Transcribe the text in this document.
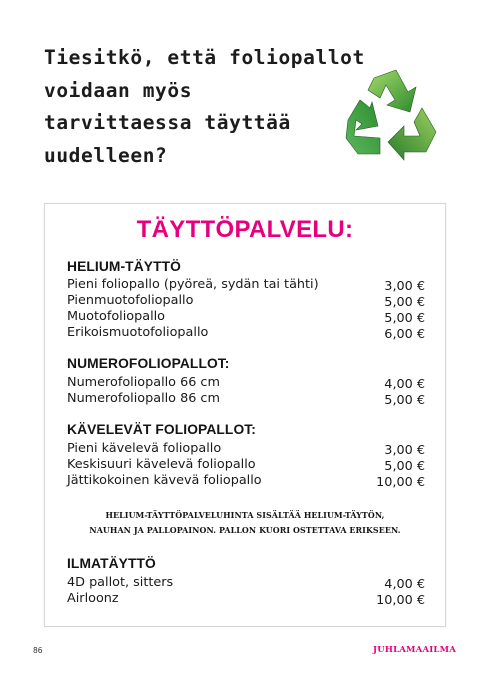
Tiesitkö, että foliopallot
voidaan myös
tarvittaessa täyttää
uudelleen?
TÄYTTÖPALVELU:
HELIUM-TÄYTTÖ
Pieni foliopallo (pyöreä, sydän tai tähti)	3,00 €
Pienmuotofoliopallo	5,00 €
Muotofoliopallo	5,00 €
Erikoismuotofoliopallo	6,00 €
NUMEROFOLIOPALLOT:
Numerofoliopallo 66 cm	4,00 €
Numerofoliopallo 86 cm	5,00 €
KÄVELEVÄT FOLIOPALLOT:
Pieni kävelevä foliopallo	3,00 €
Keskisuuri kävelevä foliopallo	5,00 €
Jättikokoinen kävevä foliopallo	10,00 €
HELIUM-TÄYTTÖPALVELUHINTA SISÄLTÄÄ HELIUM-TÄYTÖN,
NAUHAN JA PALLOPAINON. PALLON KUORI OSTETTAVA ERIKSEEN.
ILMATÄYTTÖ
4D pallot, sitters	4,00 €
Airloonz	10,00 €
86	JUHLAMAAILMA
